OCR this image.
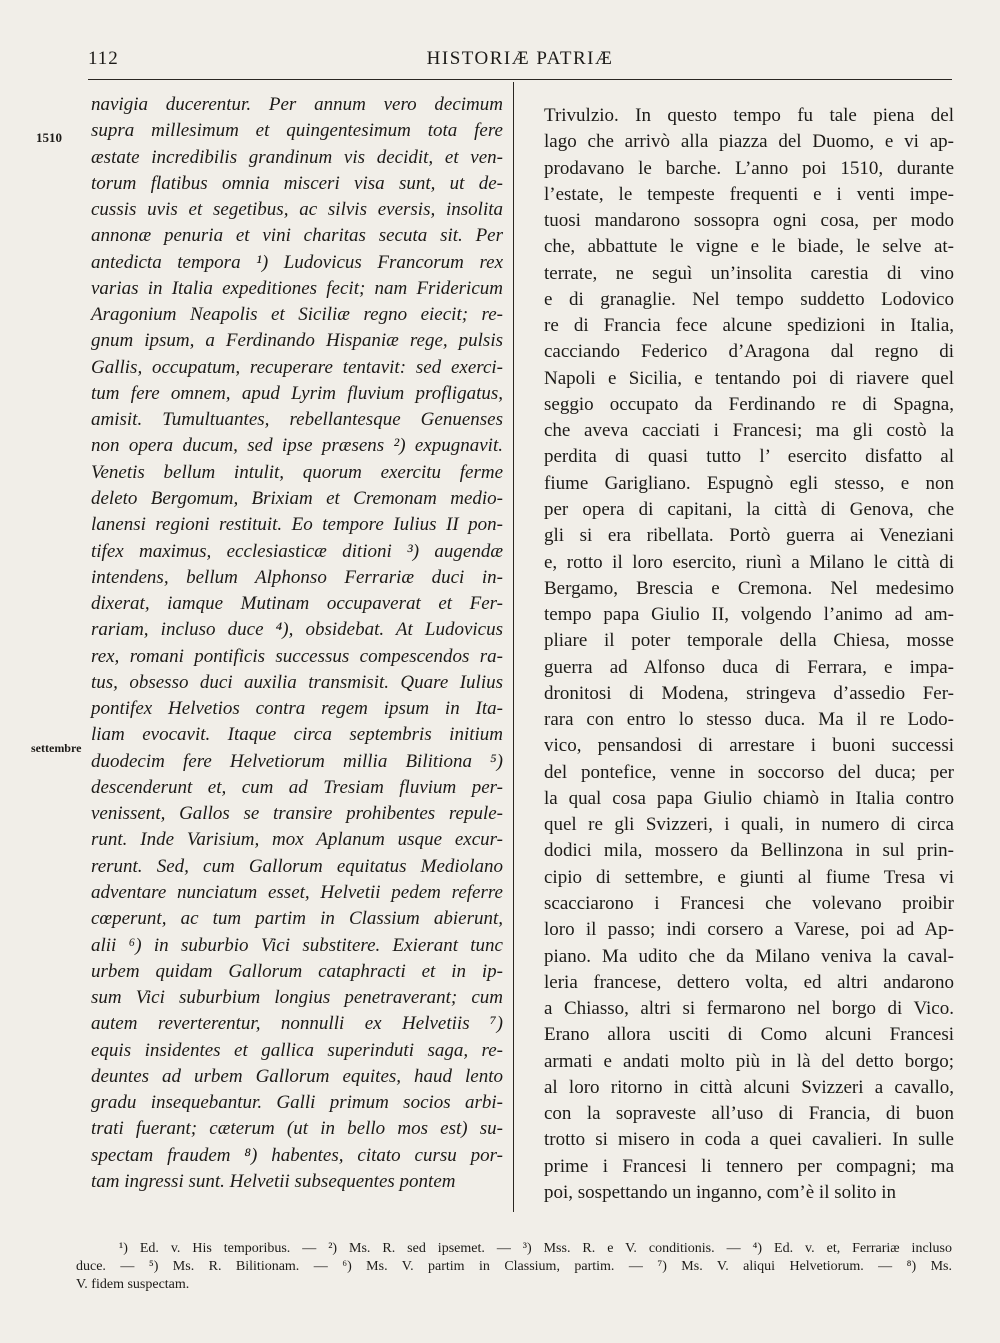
112	HISTORIÆ PATRIÆ
1510
settembre
navigia ducerentur. Per annum vero decimum
supra millesimum et quingentesimum tota fere
æstate incredibilis grandinum vis decidit, et ven-
torum flatibus omnia misceri visa sunt, ut de-
cussis uvis et segetibus, ac silvis eversis, insolita
annonæ penuria et vini charitas secuta sit. Per
antedicta tempora ¹) Ludovicus Francorum rex
varias in Italia expeditiones fecit; nam Fridericum
Aragonium Neapolis et Siciliæ regno eiecit; re-
gnum ipsum, a Ferdinando Hispaniæ rege, pulsis
Gallis, occupatum, recuperare tentavit: sed exerci-
tum fere omnem, apud Lyrim fluvium profligatus,
amisit. Tumultuantes, rebellantesque Genuenses
non opera ducum, sed ipse præsens ²) expugnavit.
Venetis bellum intulit, quorum exercitu ferme
deleto Bergomum, Brixiam et Cremonam medio-
lanensi regioni restituit. Eo tempore Iulius II pon-
tifex maximus, ecclesiasticæ ditioni ³) augendæ
intendens, bellum Alphonso Ferrariæ duci in-
dixerat, iamque Mutinam occupaverat et Fer-
rariam, incluso duce ⁴), obsidebat. At Ludovicus
rex, romani pontificis successus compescendos ra-
tus, obsesso duci auxilia transmisit. Quare Iulius
pontifex Helvetios contra regem ipsum in Ita-
liam evocavit. Itaque circa septembris initium
duodecim fere Helvetiorum millia Bilitiona ⁵)
descenderunt et, cum ad Tresiam fluvium per-
venissent, Gallos se transire prohibentes repule-
runt. Inde Varisium, mox Aplanum usque excur-
rerunt. Sed, cum Gallorum equitatus Mediolano
adventare nunciatum esset, Helvetii pedem referre
cœperunt, ac tum partim in Classium abierunt,
alii ⁶) in suburbio Vici substitere. Exierant tunc
urbem quidam Gallorum cataphracti et in ip-
sum Vici suburbium longius penetraverant; cum
autem reverterentur, nonnulli ex Helvetiis ⁷)
equis insidentes et gallica superinduti saga, re-
deuntes ad urbem Gallorum equites, haud lento
gradu insequebantur. Galli primum socios arbi-
trati fuerant; cæterum (ut in bello mos est) su-
spectam fraudem ⁸) habentes, citato cursu por-
tam ingressi sunt. Helvetii subsequentes pontem
Trivulzio. In questo tempo fu tale piena del
lago che arrivò alla piazza del Duomo, e vi ap-
prodavano le barche. L’anno poi 1510, durante
l’estate, le tempeste frequenti e i venti impe-
tuosi mandarono sossopra ogni cosa, per modo
che, abbattute le vigne e le biade, le selve at-
terrate, ne seguì un’insolita carestia di vino
e di granaglie. Nel tempo suddetto Lodovico
re di Francia fece alcune spedizioni in Italia,
cacciando Federico d’Aragona dal regno di
Napoli e Sicilia, e tentando poi di riavere quel
seggio occupato da Ferdinando re di Spagna,
che aveva cacciati i Francesi; ma gli costò la
perdita di quasi tutto l’ esercito disfatto al
fiume Garigliano. Espugnò egli stesso, e non
per opera di capitani, la città di Genova, che
gli si era ribellata. Portò guerra ai Veneziani
e, rotto il loro esercito, riunì a Milano le città di
Bergamo, Brescia e Cremona. Nel medesimo
tempo papa Giulio II, volgendo l’animo ad am-
pliare il poter temporale della Chiesa, mosse
guerra ad Alfonso duca di Ferrara, e impa-
dronitosi di Modena, stringeva d’assedio Fer-
rara con entro lo stesso duca. Ma il re Lodo-
vico, pensandosi di arrestare i buoni successi
del pontefice, venne in soccorso del duca; per
la qual cosa papa Giulio chiamò in Italia contro
quel re gli Svizzeri, i quali, in numero di circa
dodici mila, mossero da Bellinzona in sul prin-
cipio di settembre, e giunti al fiume Tresa vi
scacciarono i Francesi che volevano proibir
loro il passo; indi corsero a Varese, poi ad Ap-
piano. Ma udito che da Milano veniva la caval-
leria francese, dettero volta, ed altri andarono
a Chiasso, altri si fermarono nel borgo di Vico.
Erano allora usciti di Como alcuni Francesi
armati e andati molto più in là del detto borgo;
al loro ritorno in città alcuni Svizzeri a cavallo,
con la sopraveste all’uso di Francia, di buon
trotto si misero in coda a quei cavalieri. In sulle
prime i Francesi li tennero per compagni; ma
poi, sospettando un inganno, com’è il solito in
¹) Ed. v. His temporibus. — ²) Ms. R. sed ipsemet. — ³) Mss. R. e V. conditionis. — ⁴) Ed. v. et, Ferrariæ incluso
duce. — ⁵) Ms. R. Bilitionam. — ⁶) Ms. V. partim in Classium, partim. — ⁷) Ms. V. aliqui Helvetiorum. — ⁸) Ms.
V. fidem suspectam.
